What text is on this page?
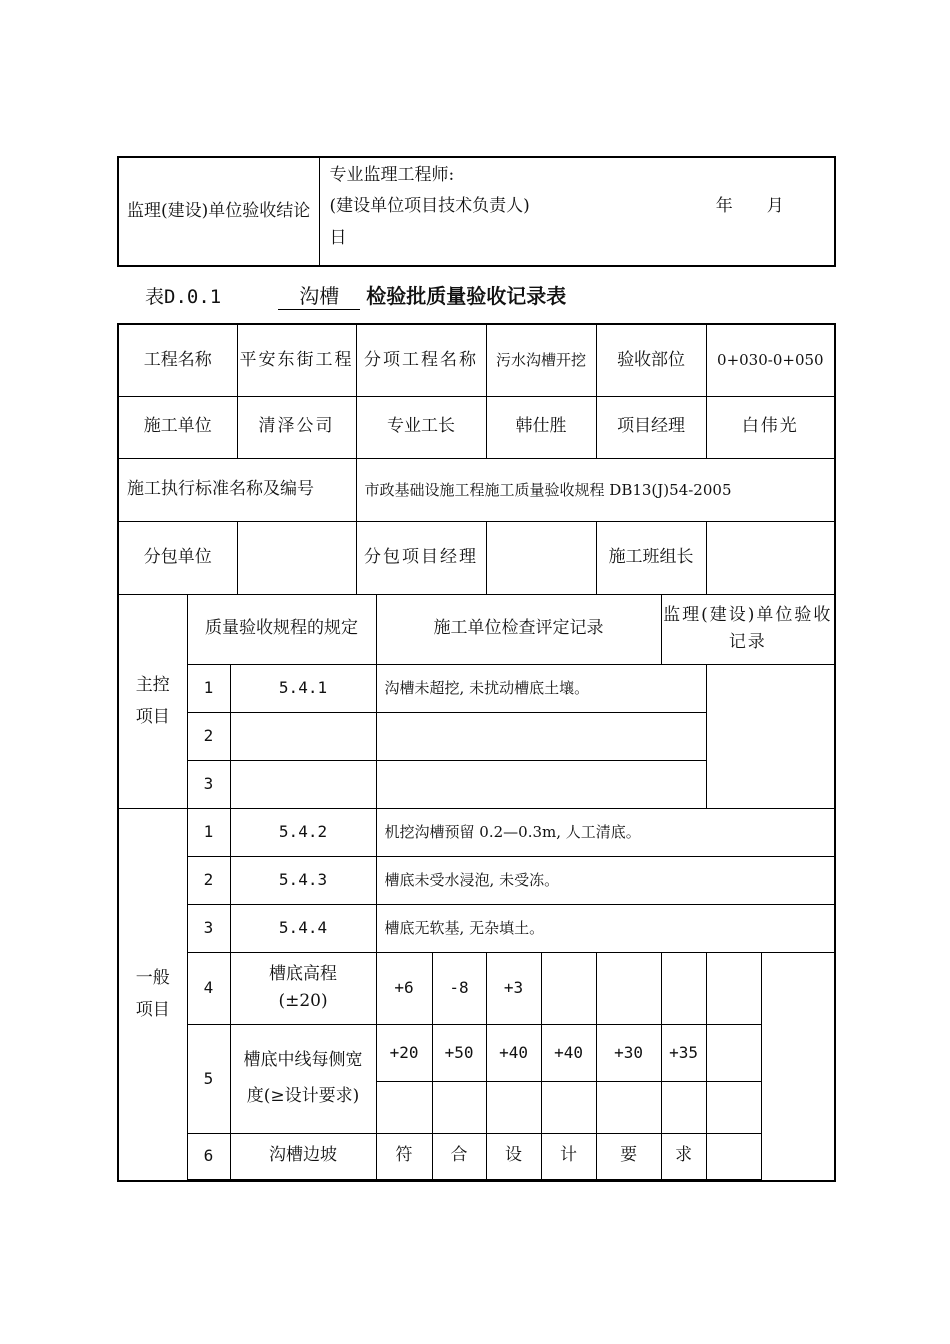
监理(建设)单位验收结论	
专业监理工程师:
(建设单位项目技术负责人)	年 月
日
表D.0.1	沟槽 检验批质量验收记录表
工程名称			平安东街工程	分项工程名称			污水沟槽开挖		验收部位		0+030-0+050
施工单位			清泽公司	专业工长			韩仕胜		项目经理		白伟光
施工执行标准名称及编号				市政基础设施工程施工质量验收规程 DB13(J)54-2005							
分包单位				分包项目经理					施工班组长		
主控项目	质量验收规程的规定				施工单位检查评定记录					监理(建设)单位验收记录	
	1	5.4.1			沟槽未超挖, 未扰动槽底土壤。						
	2										
	3										
一般项目	1	5.4.2			机挖沟槽预留 0.2—0.3m, 人工清底。						
	2	5.4.3			槽底未受水浸泡, 未受冻。						
	3	5.4.4			槽底无软基, 无杂填土。						
	4	槽底高程(±20)			+6	-8	+3				
	5	槽底中线每侧宽度(≥设计要求)			+20	+50	+40	+40	+30	+35	

	6	沟槽边坡			符	合	设	计	要	求	
